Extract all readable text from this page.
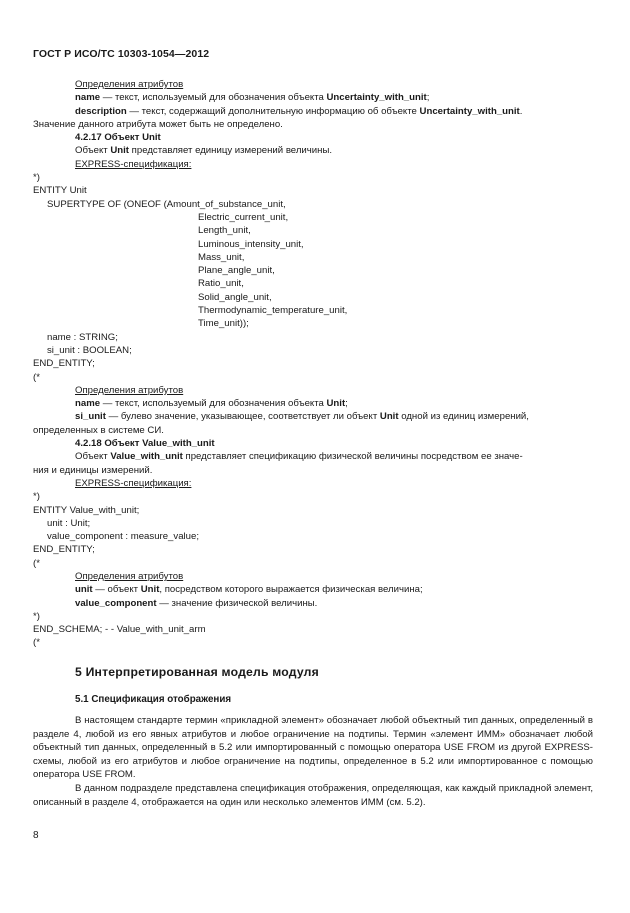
ГОСТ Р ИСО/ТС 10303-1054—2012
Определения атрибутов
name — текст, используемый для обозначения объекта Uncertainty_with_unit;
description — текст, содержащий дополнительную информацию об объекте Uncertainty_with_unit.
Значение данного атрибута может быть не определено.
4.2.17 Объект Unit
Объект Unit представляет единицу измерений величины.
EXPRESS-спецификация:
*)
ENTITY Unit
SUPERTYPE OF (ONEOF (Amount_of_substance_unit,
Electric_current_unit,
Length_unit,
Luminous_intensity_unit,
Mass_unit,
Plane_angle_unit,
Ratio_unit,
Solid_angle_unit,
Thermodynamic_temperature_unit,
Time_unit));
name : STRING;
si_unit : BOOLEAN;
END_ENTITY;
(*
Определения атрибутов
name — текст, используемый для обозначения объекта Unit;
si_unit — булево значение, указывающее, соответствует ли объект Unit одной из единиц измерений,
определенных в системе СИ.
4.2.18 Объект Value_with_unit
Объект Value_with_unit представляет спецификацию физической величины посредством ее значе-
ния и единицы измерений.
EXPRESS-спецификация:
*)
ENTITY Value_with_unit;
unit : Unit;
value_component : measure_value;
END_ENTITY;
(*
Определения атрибутов
unit — объект Unit, посредством которого выражается физическая величина;
value_component — значение физической величины.
*)
END_SCHEMA; - - Value_with_unit_arm
(*
5 Интерпретированная модель модуля
5.1 Спецификация отображения
В настоящем стандарте термин «прикладной элемент» обозначает любой объектный тип данных, определенный в разделе 4, любой из его явных атрибутов и любое ограничение на подтипы. Термин «элемент ИММ» обозначает любой объектный тип данных, определенный в 5.2 или импортированный с помощью оператора USE FROM из другой EXPRESS-схемы, любой из его атрибутов и любое ограничение на подтипы, определенное в 5.2 или импортированное с помощью оператора USE FROM.
В данном подразделе представлена спецификация отображения, определяющая, как каждый прикладной элемент, описанный в разделе 4, отображается на один или несколько элементов ИММ (см. 5.2).
8
